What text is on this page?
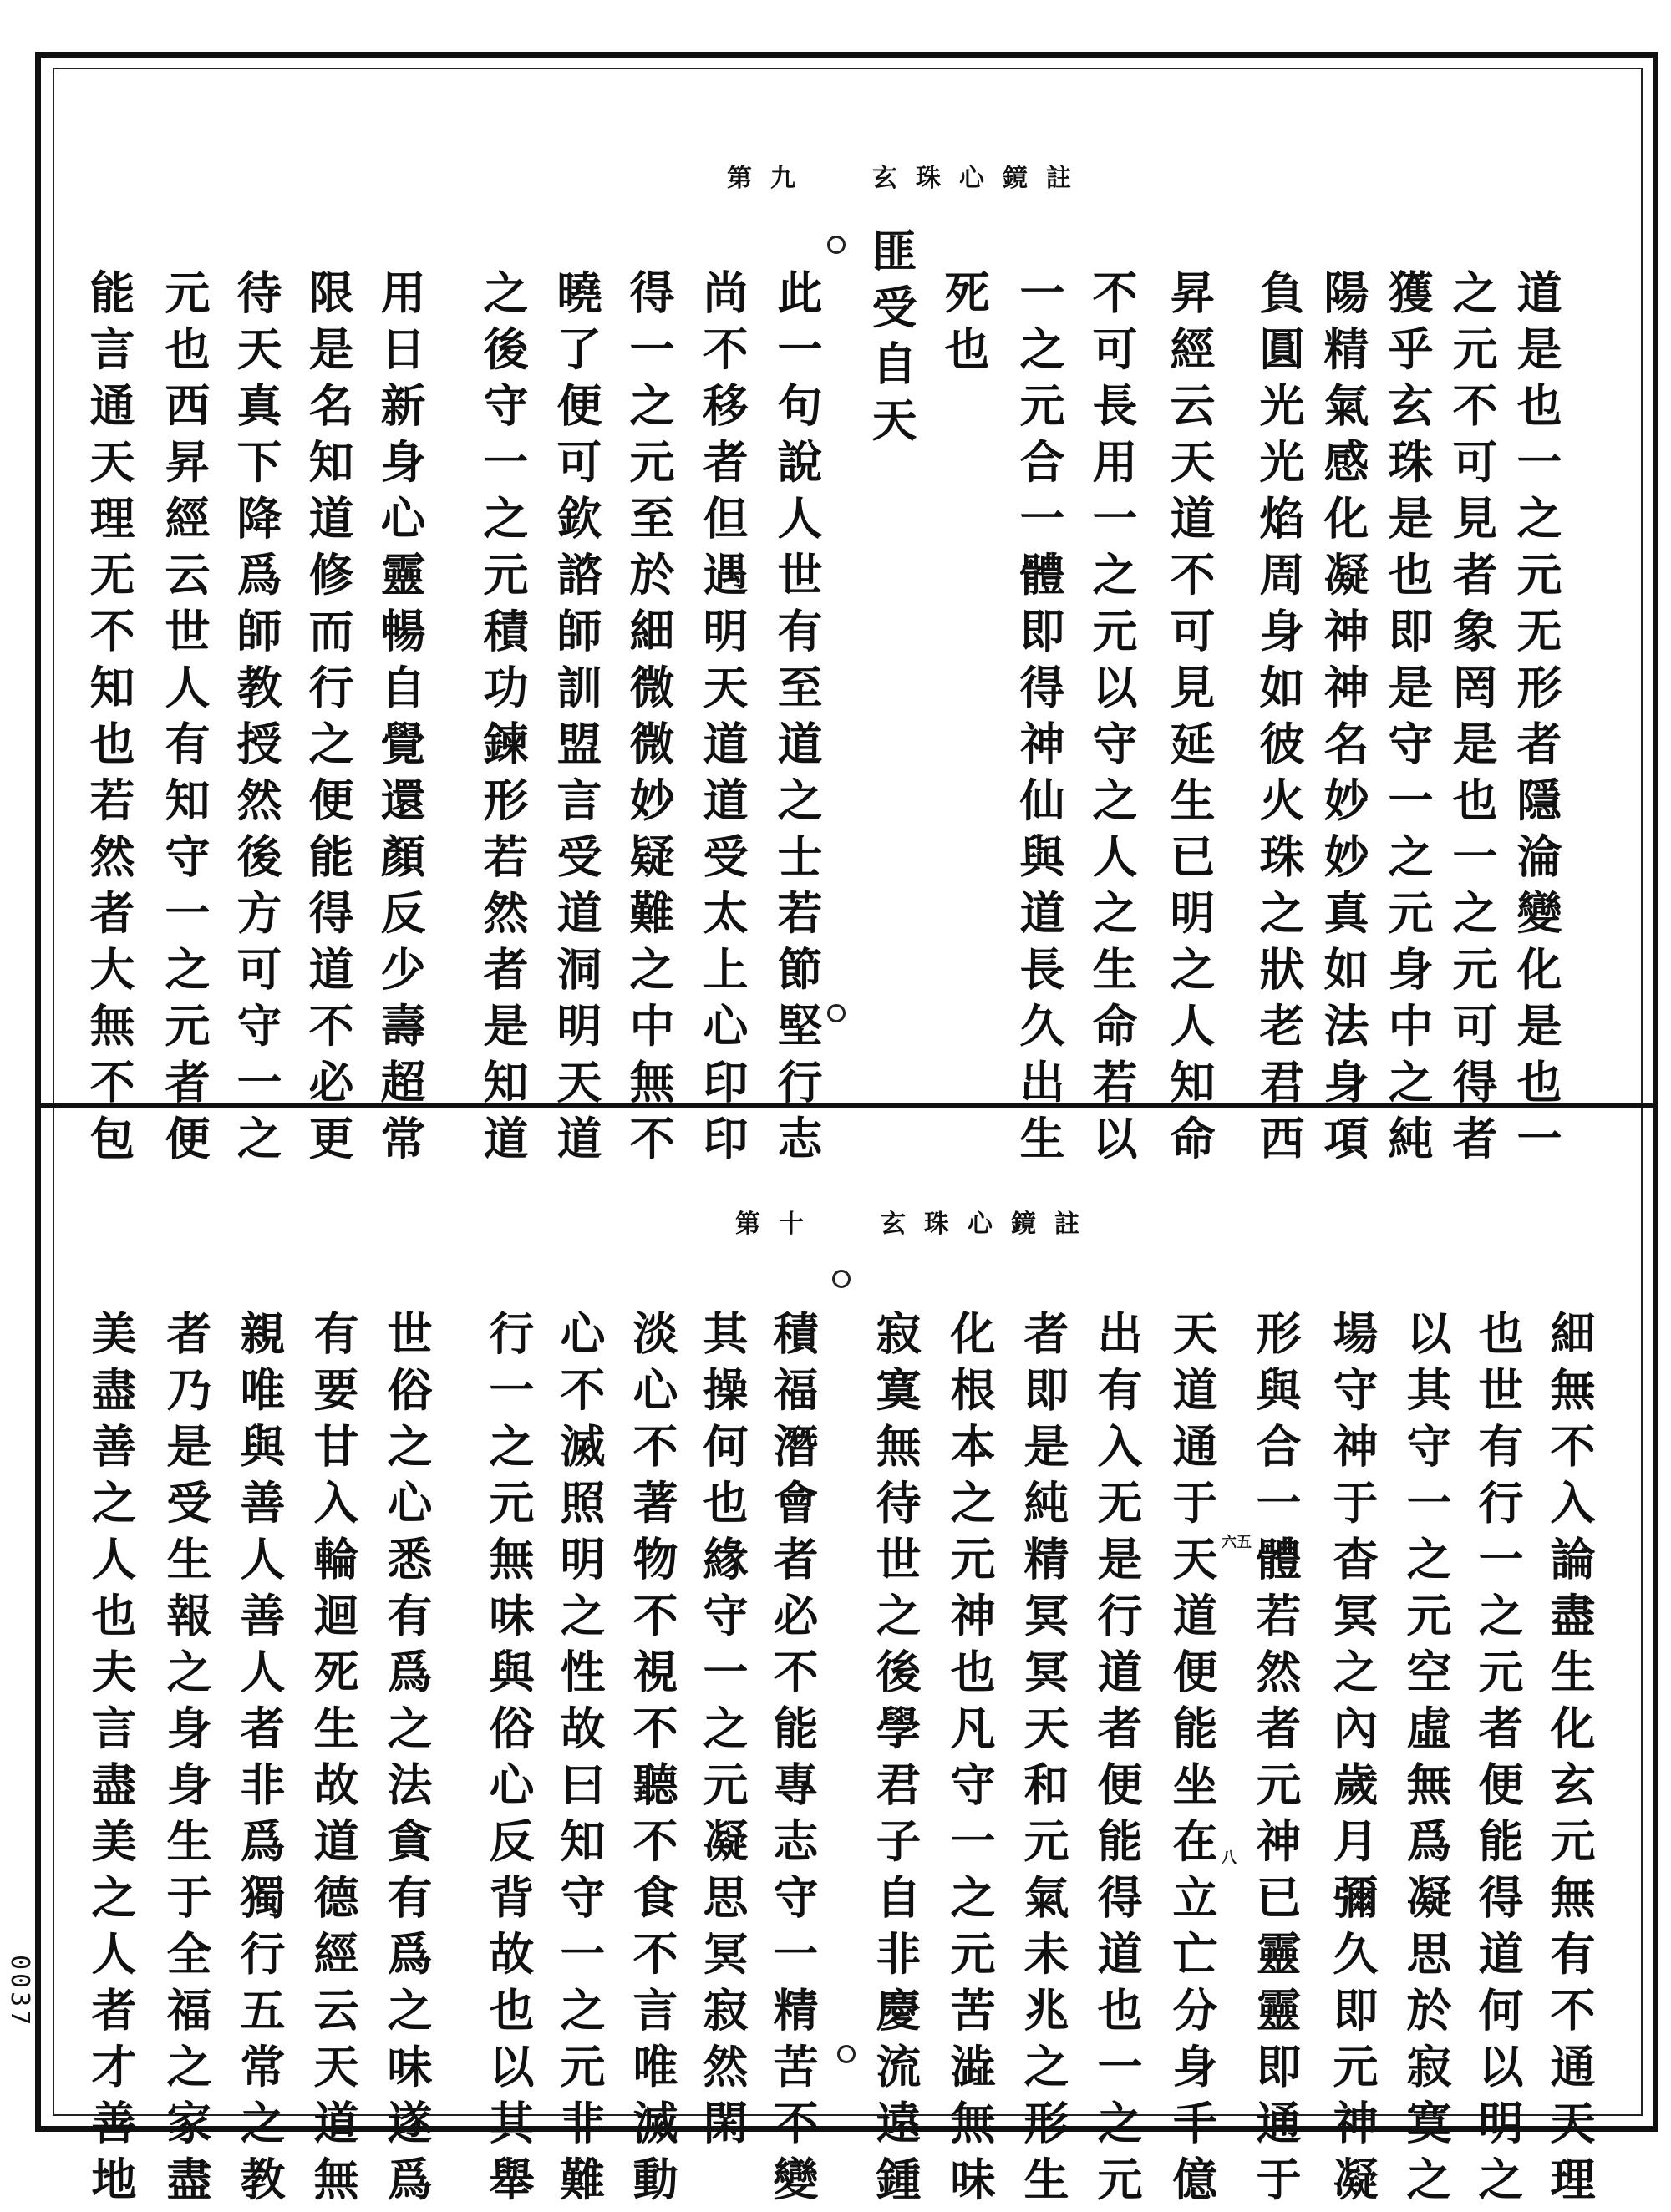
第九 玄珠心鏡註
道是也一之元无形者隱淪變化是也一
之元不可見者象罔是也一之元可得者
獲乎玄珠是也即是守一之元身中之純
陽精氣感化凝神神名妙妙真如法身項
負圓光光焰周身如彼火珠之狀老君西
昇經云天道不可見延生已明之人知命
不可長用一之元以守之人之生命若以
一之元合一體即得神仙與道長久出生
死也
匪受自天
此一句說人世有至道之士若節堅行志
尚不移者但遇明天道道受太上心印印
得一之元至於細微微妙疑難之中無不
曉了便可欽諮師訓盟言受道洞明天道
之後守一之元積功鍊形若然者是知道
用日新身心靈暢自覺還顏反少壽超常
限是名知道修而行之便能得道不必更
待天真下降爲師教授然後方可守一之
元也西昇經云世人有知守一之元者便
能言通天理无不知也若然者大無不包
第十 玄珠心鏡註
細無不入論盡生化玄元無有不通天理
也世有行一之元者便能得道何以明之
以其守一之元空虛無爲凝思於寂寞之
場守神于杳冥之內歲月彌久即元神凝
形與合一體若然者元神已靈靈即通于
天道通于天道便能坐在立亡分身千億
出有入无是行道者便能得道也一之元
者即是純精冥冥天和元氣未兆之形生
化根本之元神也凡守一之元苦澁無味
寂寞無待世之後學君子自非慶流遠鍾
積福潛會者必不能專志守一精苦不變
其操何也緣守一之元凝思冥寂然閑
淡心不著物不視不聽不食不言唯滅動
心不滅照明之性故曰知守一之元非難
行一之元無味與俗心反背故也以其舉
世俗之心悉有爲之法貪有爲之味遂爲
有要甘入輪迴死生故道德經云天道無
親唯與善人善人者非爲獨行五常之教
者乃是受生報之身身生于全福之家盡
美盡善之人也夫言盡美之人者才善地	六五
八
0037
